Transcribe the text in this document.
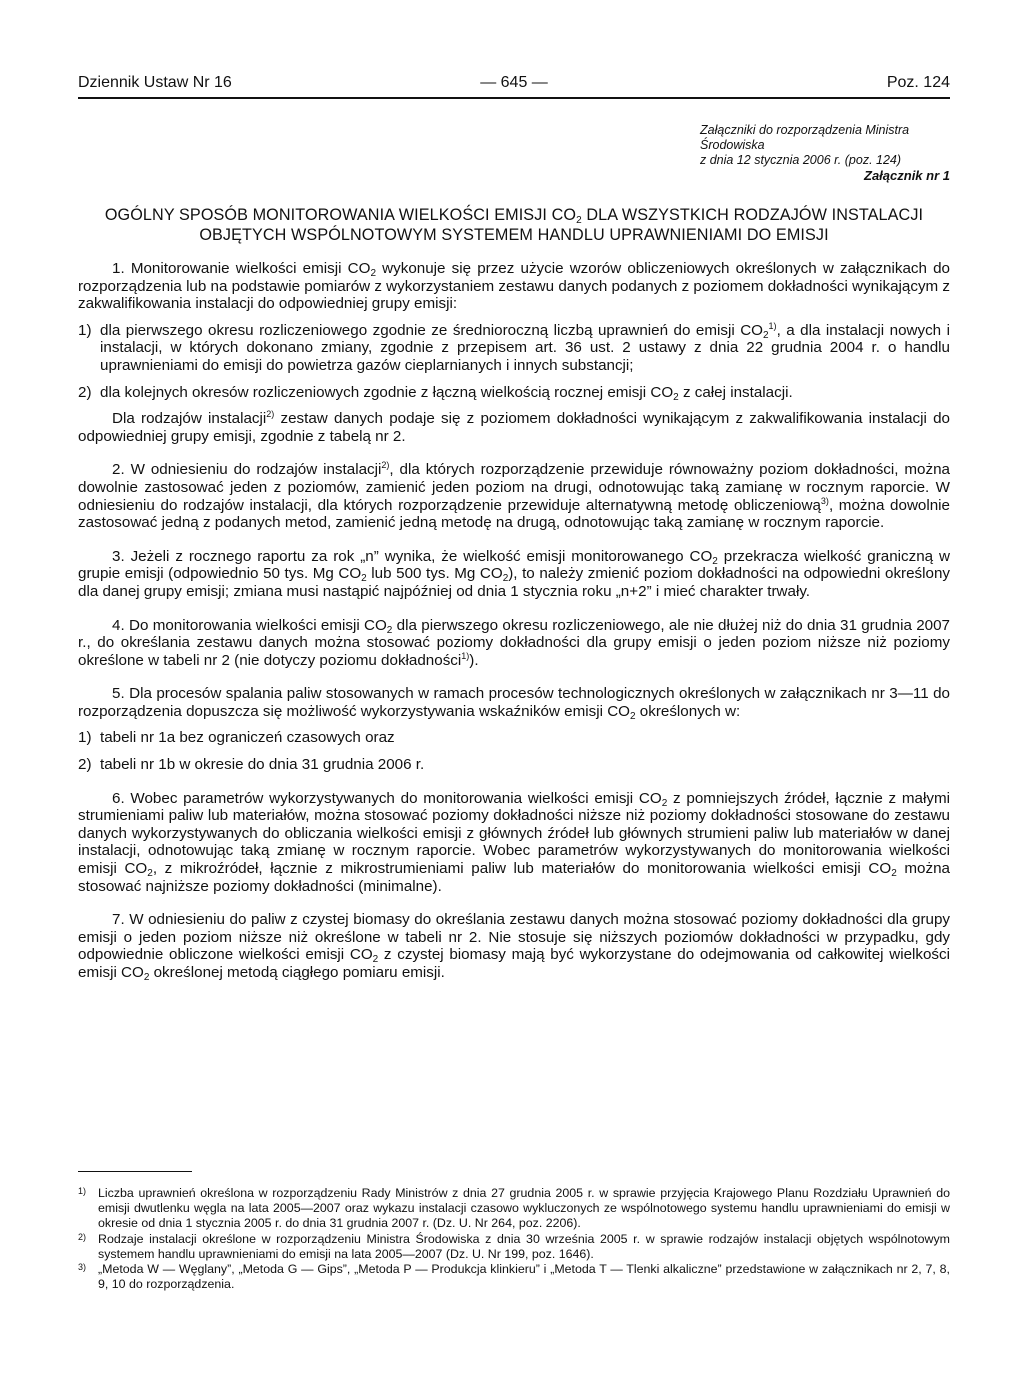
Dziennik Ustaw Nr 16	— 645 —	Poz. 124
Załączniki do rozporządzenia Ministra Środowiska
z dnia 12 stycznia 2006 r. (poz. 124)
Załącznik nr 1
OGÓLNY SPOSÓB MONITOROWANIA WIELKOŚCI EMISJI $CO_2$ DLA WSZYSTKICH RODZAJÓW INSTALACJI
OBJĘTYCH WSPÓLNOTOWYM SYSTEMEM HANDLU UPRAWNIENIAMI DO EMISJI

1. Monitorowanie wielkości emisji $CO_2$ wykonuje się przez użycie wzorów obliczeniowych określonych w załącznikach do rozporządzenia lub na podstawie pomiarów z wykorzystaniem zestawu danych podanych z poziomem dokładności wynikającym z zakwalifikowania instalacji do odpowiedniej grupy emisji:

1) dla pierwszego okresu rozliczeniowego zgodnie ze średnioroczną liczbą uprawnień do emisji $CO_2^{1)}$, a dla instalacji nowych i instalacji, w których dokonano zmiany, zgodnie z przepisem art. 36 ust. 2 ustawy z dnia 22 grudnia 2004 r. o handlu uprawnieniami do emisji do powietrza gazów cieplarnianych i innych substancji;

2) dla kolejnych okresów rozliczeniowych zgodnie z łączną wielkością rocznej emisji $CO_2$ z całej instalacji.

Dla rodzajów instalacji$^{2)}$ zestaw danych podaje się z poziomem dokładności wynikającym z zakwalifikowania instalacji do odpowiedniej grupy emisji, zgodnie z tabelą nr 2.

2. W odniesieniu do rodzajów instalacji$^{2)}$, dla których rozporządzenie przewiduje równoważny poziom dokładności, można dowolnie zastosować jeden z poziomów, zamienić jeden poziom na drugi, odnotowując taką zamianę w rocznym raporcie. W odniesieniu do rodzajów instalacji, dla których rozporządzenie przewiduje alternatywną metodę obliczeniową$^{3)}$, można dowolnie zastosować jedną z podanych metod, zamienić jedną metodę na drugą, odnotowując taką zamianę w rocznym raporcie.

3. Jeżeli z rocznego raportu za rok „n” wynika, że wielkość emisji monitorowanego $CO_2$ przekracza wielkość graniczną w grupie emisji (odpowiednio 50 tys. Mg $CO_2$ lub 500 tys. Mg $CO_2$), to należy zmienić poziom dokładności na odpowiedni określony dla danej grupy emisji; zmiana musi nastąpić najpóźniej od dnia 1 stycznia roku „n+2” i mieć charakter trwały.

4. Do monitorowania wielkości emisji $CO_2$ dla pierwszego okresu rozliczeniowego, ale nie dłużej niż do dnia 31 grudnia 2007 r., do określania zestawu danych można stosować poziomy dokładności dla grupy emisji o jeden poziom niższe niż poziomy określone w tabeli nr 2 (nie dotyczy poziomu dokładności$^{1)}$).

5. Dla procesów spalania paliw stosowanych w ramach procesów technologicznych określonych w załącznikach nr 3—11 do rozporządzenia dopuszcza się możliwość wykorzystywania wskaźników emisji $CO_2$ określonych w:

1) tabeli nr 1a bez ograniczeń czasowych oraz

2) tabeli nr 1b w okresie do dnia 31 grudnia 2006 r.

6. Wobec parametrów wykorzystywanych do monitorowania wielkości emisji $CO_2$ z pomniejszych źródeł, łącznie z małymi strumieniami paliw lub materiałów, można stosować poziomy dokładności niższe niż poziomy dokładności stosowane do zestawu danych wykorzystywanych do obliczania wielkości emisji z głównych źródeł lub głównych strumieni paliw lub materiałów w danej instalacji, odnotowując taką zmianę w rocznym raporcie. Wobec parametrów wykorzystywanych do monitorowania wielkości emisji $CO_2$, z mikroźródeł, łącznie z mikrostrumieniami paliw lub materiałów do monitorowania wielkości emisji $CO_2$ można stosować najniższe poziomy dokładności (minimalne).

7. W odniesieniu do paliw z czystej biomasy do określania zestawu danych można stosować poziomy dokładności dla grupy emisji o jeden poziom niższe niż określone w tabeli nr 2. Nie stosuje się niższych poziomów dokładności w przypadku, gdy odpowiednie obliczone wielkości emisji $CO_2$ z czystej biomasy mają być wykorzystane do odejmowania od całkowitej wielkości emisji $CO_2$ określonej metodą ciągłego pomiaru emisji.

1) Liczba uprawnień określona w rozporządzeniu Rady Ministrów z dnia 27 grudnia 2005 r. w sprawie przyjęcia Krajowego Planu Rozdziału Uprawnień do emisji dwutlenku węgla na lata 2005—2007 oraz wykazu instalacji czasowo wykluczonych ze wspólnotowego systemu handlu uprawnieniami do emisji w okresie od dnia 1 stycznia 2005 r. do dnia 31 grudnia 2007 r. (Dz. U. Nr 264, poz. 2206).

2) Rodzaje instalacji określone w rozporządzeniu Ministra Środowiska z dnia 30 września 2005 r. w sprawie rodzajów instalacji objętych wspólnotowym systemem handlu uprawnieniami do emisji na lata 2005—2007 (Dz. U. Nr 199, poz. 1646).

3) „Metoda W — Węglany”, „Metoda G — Gips”, „Metoda P — Produkcja klinkieru” i „Metoda T — Tlenki alkaliczne” przedstawione w załącznikach nr 2, 7, 8, 9, 10 do rozporządzenia.
